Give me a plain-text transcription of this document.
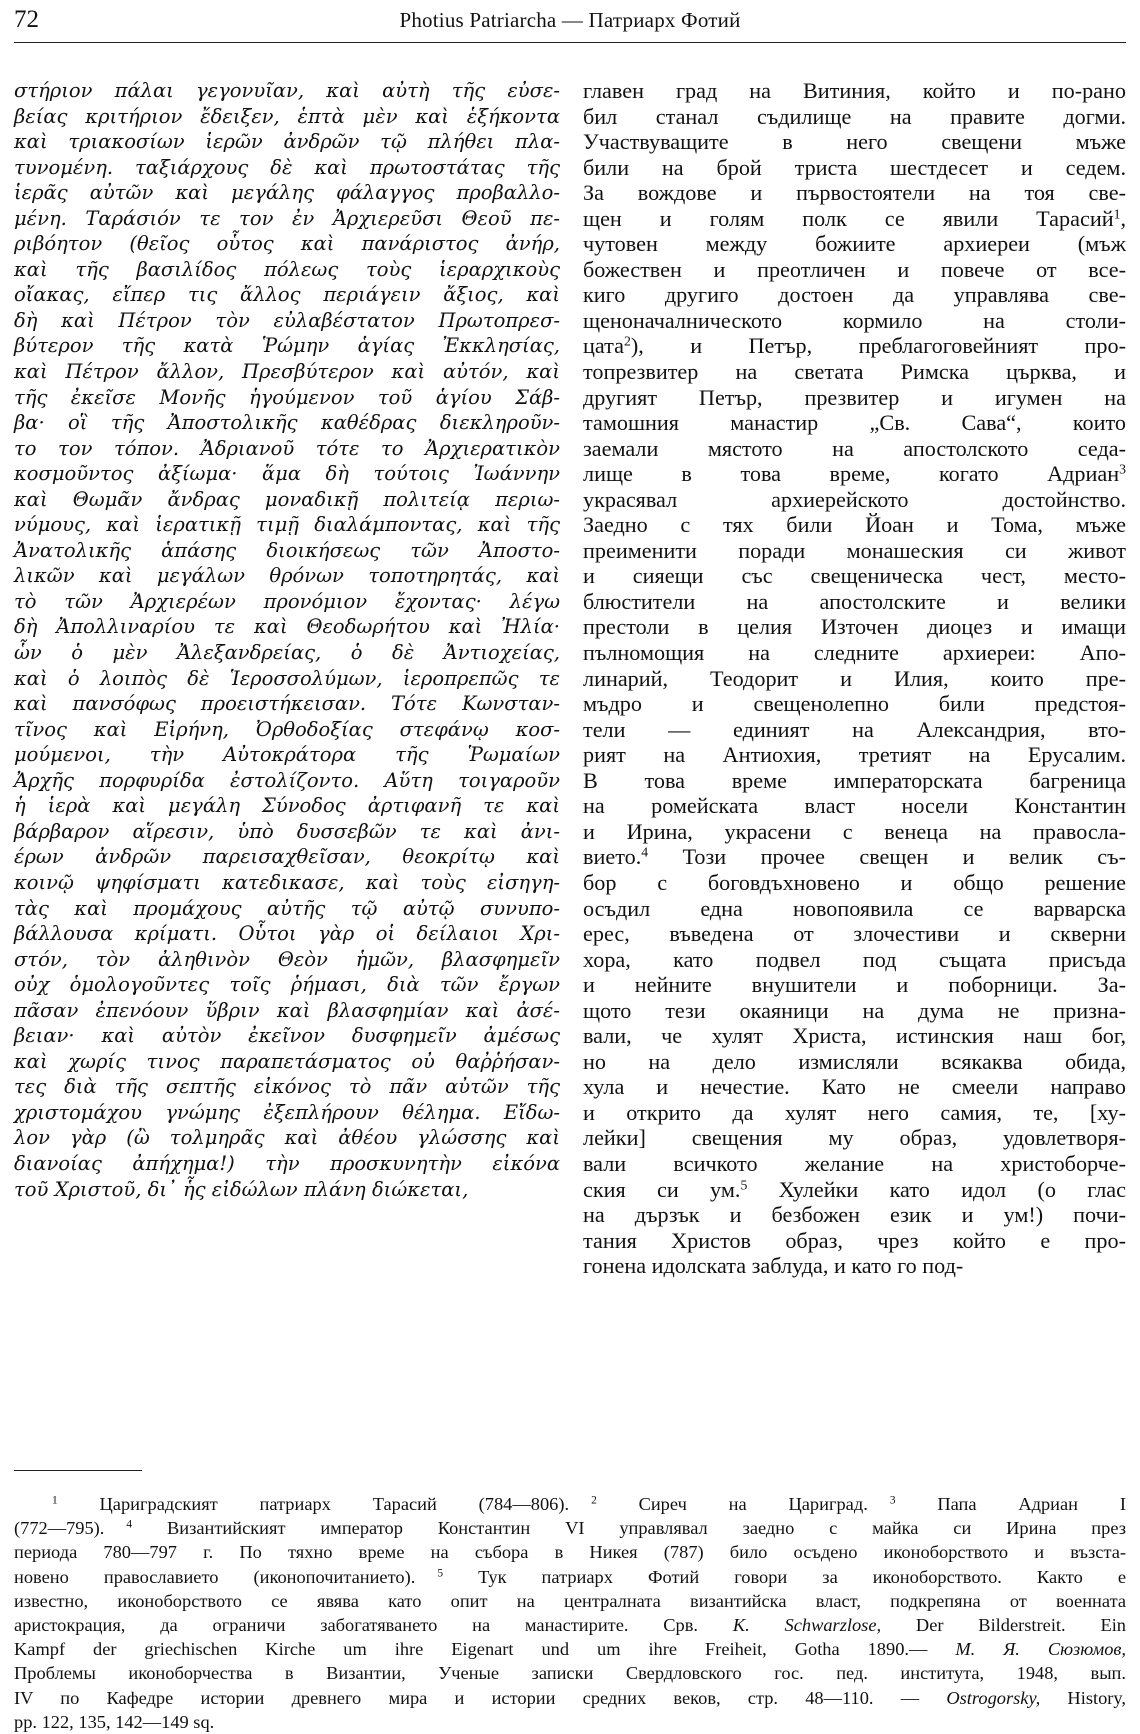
72	Photius Patriarcha — Патриарх Фотий
στήριον πάλαι γεγονυῖαν, καὶ αὐτὴ τῆς εὐσε-
βείας κριτήριον ἔδειξεν, ἑπτὰ μὲν καὶ ἑξήκοντα
καὶ τριακοσίων ἱερῶν ἀνδρῶν τῷ πλήθει πλα-
τυνομένη. ταξιάρχους δὲ καὶ πρωτοστάτας τῆς
ἱερᾶς αὐτῶν καὶ μεγάλης φάλαγγος προβαλλο-
μένη. Ταράσιόν τε τον ἐν Ἀρχιερεῦσι Θεοῦ πε-
ριβόητον (θεῖος οὗτος καὶ πανάριστος ἀνήρ,
καὶ τῆς βασιλίδος πόλεως τοὺς ἱεραρχικοὺς
οἴακας, εἴπερ τις ἄλλος περιάγειν ἄξιος, καὶ
δὴ καὶ Πέτρον τὸν εὐλαβέστατον Πρωτοπρεσ-
βύτερον τῆς κατὰ Ῥώμην ἁγίας Ἐκκλησίας,
καὶ Πέτρον ἄλλον, Πρεσβύτερον καὶ αὐτόν, καὶ
τῆς ἐκεῖσε Μονῆς ἡγούμενον τοῦ ἁγίου Σάβ-
βα· οἳ τῆς Ἀποστολικῆς καθέδρας διεκληροῦν-
το τον τόπον. Ἀδριανοῦ τότε το Ἀρχιερατικὸν
κοσμοῦντος ἀξίωμα· ἅμα δὴ τούτοις Ἰωάννην
καὶ Θωμᾶν ἄνδρας μοναδικῇ πολιτείᾳ περιω-
νύμους, καὶ ἱερατικῇ τιμῇ διαλάμποντας, καὶ τῆς
Ἀνατολικῆς ἁπάσης διοικήσεως τῶν Ἀποστο-
λικῶν καὶ μεγάλων θρόνων τοποτηρητάς, καὶ
τὸ τῶν Ἀρχιερέων προνόμιον ἔχοντας· λέγω
δὴ Ἀπολλιναρίου τε καὶ Θεοδωρήτου καὶ Ἠλία·
ὧν ὁ μὲν Ἀλεξανδρείας, ὁ δὲ Ἀντιοχείας,
καὶ ὁ λοιπὸς δὲ Ἱεροσσολύμων, ἱεροπρεπῶς τε
καὶ πανσόφως προειστήκεισαν. Τότε Κωνσταν-
τῖνος καὶ Εἰρήνη, Ὀρθοδοξίας στεφάνῳ κοσ-
μούμενοι, τὴν Αὐτοκράτορα τῆς Ῥωμαίων
Ἀρχῆς πορφυρίδα ἐστολίζοντο. Αὕτη τοιγαροῦν
ἡ ἱερὰ καὶ μεγάλη Σύνοδος ἀρτιφανῆ τε καὶ
βάρβαρον αἵρεσιν, ὑπὸ δυσσεβῶν τε καὶ ἀνι-
έρων ἀνδρῶν παρεισαχθεῖσαν, θεοκρίτῳ καὶ
κοινῷ ψηφίσματι κατεδικασε, καὶ τοὺς εἰσηγη-
τὰς καὶ προμάχους αὐτῆς τῷ αὐτῷ συνυπο-
βάλλουσα κρίματι. Οὗτοι γὰρ οἱ δείλαιοι Χρι-
στόν, τὸν ἀληθινὸν Θεὸν ἡμῶν, βλασφημεῖν
οὐχ ὁμολογοῦντες τοῖς ῥήμασι, διὰ τῶν ἔργων
πᾶσαν ἐπενόουν ὕβριν καὶ βλασφημίαν καὶ ἀσέ-
βειαν· καὶ αὐτὸν ἐκεῖνον δυσφημεῖν ἀμέσως
καὶ χωρίς τινος παραπετάσματος οὐ θαῤῥήσαν-
τες διὰ τῆς σεπτῆς εἰκόνος τὸ πᾶν αὐτῶν τῆς
χριστομάχου γνώμης ἐξεπλήρουν θέλημα. Εἴδω-
λον γὰρ (ὢ τολμηρᾶς καὶ ἀθέου γλώσσης καὶ
διανοίας ἀπήχημα!) τὴν προσκυνητὴν εἰκόνα
τοῦ Χριστοῦ, δι᾽ ἧς εἰδώλων πλάνη διώκεται,
главен град на Витиния, който и по-рано
бил станал съдилище на правите догми.
Участвуващите в него свещени мъже
били на брой триста шестдесет и седем.
За вождове и първостоятели на тоя све-
щен и голям полк се явили Тарасий$^1$,
чутовен между божиите архиереи (мъж
божествен и преотличен и повече от все-
киго другиго достоен да управлява све-
щеноначалническото кормило на столи-
цата$^2$), и Петър, преблагоговейният про-
топрезвитер на светата Римска църква, и
другият Петър, презвитер и игумен на
тамошния манастир „Св. Сава“, които
заемали мястото на апостолското седа-
лище в това време, когато Адриан$^3$
украсявал архиерейското достойнство.
Заедно с тях били Йоан и Тома, мъже
преименити поради монашеския си живот
и сияещи със свещеническа чест, место-
блюстители на апостолските и велики
престоли в целия Източен диоцез и имащи
пълномощия на следните архиереи: Апо-
линарий, Теодорит и Илия, които пре-
мъдро и свещенолепно били предстоя-
тели — единият на Александрия, вто-
рият на Антиохия, третият на Ерусалим.
В това време императорската багреница
на ромейската власт носели Константин
и Ирина, украсени с венеца на правосла-
вието.$^4$ Този прочее свещен и велик съ-
бор с боговдъхновено и общо решение
осъдил една новопоявила се варварска
ерес, въведена от злочестиви и скверни
хора, като подвел под същата присъда
и нейните внушители и поборници. За-
щото тези окаяници на дума не призна-
вали, че хулят Христа, истинския наш бог,
но на дело измисляли всякаква обида,
хула и нечестие. Като не смеели направо
и открито да хулят него самия, те, [ху-
лейки] свещения му образ, удовлетворя-
вали всичкото желание на христоборче-
ския си ум.$^5$ Хулейки като идол (о глас
на дързък и безбожен език и ум!) почи-
тания Христов образ, чрез който е про-
гонена идолската заблуда, и като го под-
$^1$ Цариградският патриарх Тарасий (784—806). $^2$ Сиреч на Цариград. $^3$ Папа Адриан I
(772—795). $^4$ Византийският император Константин VI управлявал заедно с майка си Ирина през
периода 780—797 г. По тяхно време на събора в Никея (787) било осъдено иконоборството и възста-
новено православието (иконопочитанието). $^5$ Тук патриарх Фотий говори за иконоборството. Както е
известно, иконоборството се явява като опит на централната византийска власт, подкрепяна от военната
аристокрация, да ограничи забогатяването на манастирите. Срв. K. Schwarzlose, Der Bilderstreit. Ein
Kampf der griechischen Kirche um ihre Eigenart und um ihre Freiheit, Gotha 1890.— М. Я. Сюзюмов,
Проблемы иконоборчества в Византии, Ученые записки Свердловского гос. пед. института, 1948, вып.
IV по Кафедре истории древнего мира и истории средних веков, стр. 48—110. — Ostrogorsky, History,
pp. 122, 135, 142—149 sq.
